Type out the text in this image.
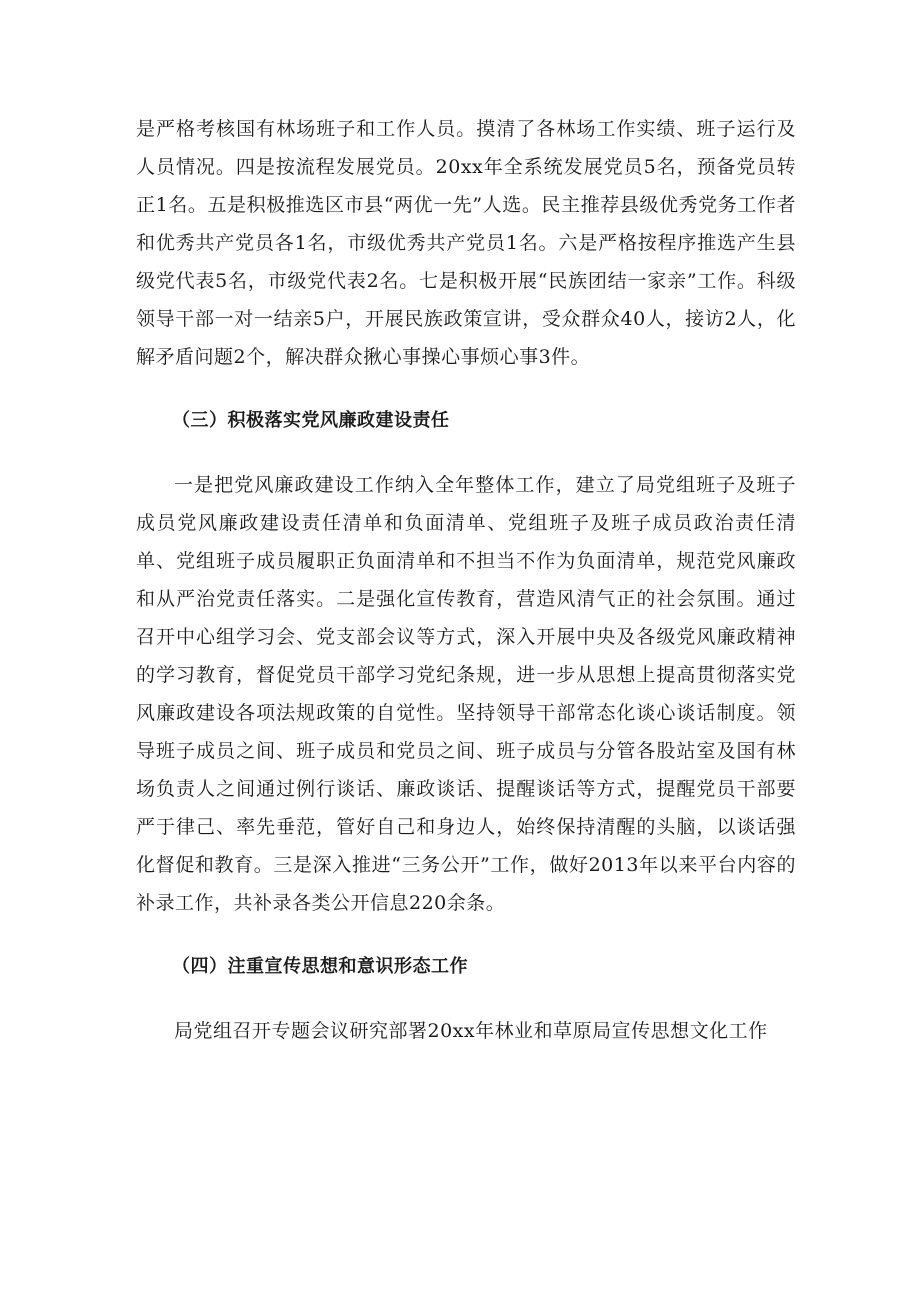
是严格考核国有林场班子和工作人员。摸清了各林场工作实绩、班子运行及人员情况。四是按流程发展党员。20xx年全系统发展党员5名，预备党员转正1名。五是积极推选区市县“两优一先”人选。民主推荐县级优秀党务工作者和优秀共产党员各1名，市级优秀共产党员1名。六是严格按程序推选产生县级党代表5名，市级党代表2名。七是积极开展“民族团结一家亲”工作。科级领导干部一对一结亲5户，开展民族政策宣讲，受众群众40人，接访2人，化解矛盾问题2个，解决群众揪心事操心事烦心事3件。

（三）积极落实党风廉政建设责任

一是把党风廉政建设工作纳入全年整体工作，建立了局党组班子及班子成员党风廉政建设责任清单和负面清单、党组班子及班子成员政治责任清单、党组班子成员履职正负面清单和不担当不作为负面清单，规范党风廉政和从严治党责任落实。二是强化宣传教育，营造风清气正的社会氛围。通过召开中心组学习会、党支部会议等方式，深入开展中央及各级党风廉政精神的学习教育，督促党员干部学习党纪条规，进一步从思想上提高贯彻落实党风廉政建设各项法规政策的自觉性。坚持领导干部常态化谈心谈话制度。领导班子成员之间、班子成员和党员之间、班子成员与分管各股站室及国有林场负责人之间通过例行谈话、廉政谈话、提醒谈话等方式，提醒党员干部要严于律己、率先垂范，管好自己和身边人，始终保持清醒的头脑，以谈话强化督促和教育。三是深入推进“三务公开”工作，做好2013年以来平台内容的补录工作，共补录各类公开信息220余条。

（四）注重宣传思想和意识形态工作

局党组召开专题会议研究部署20xx年林业和草原局宣传思想文化工作
